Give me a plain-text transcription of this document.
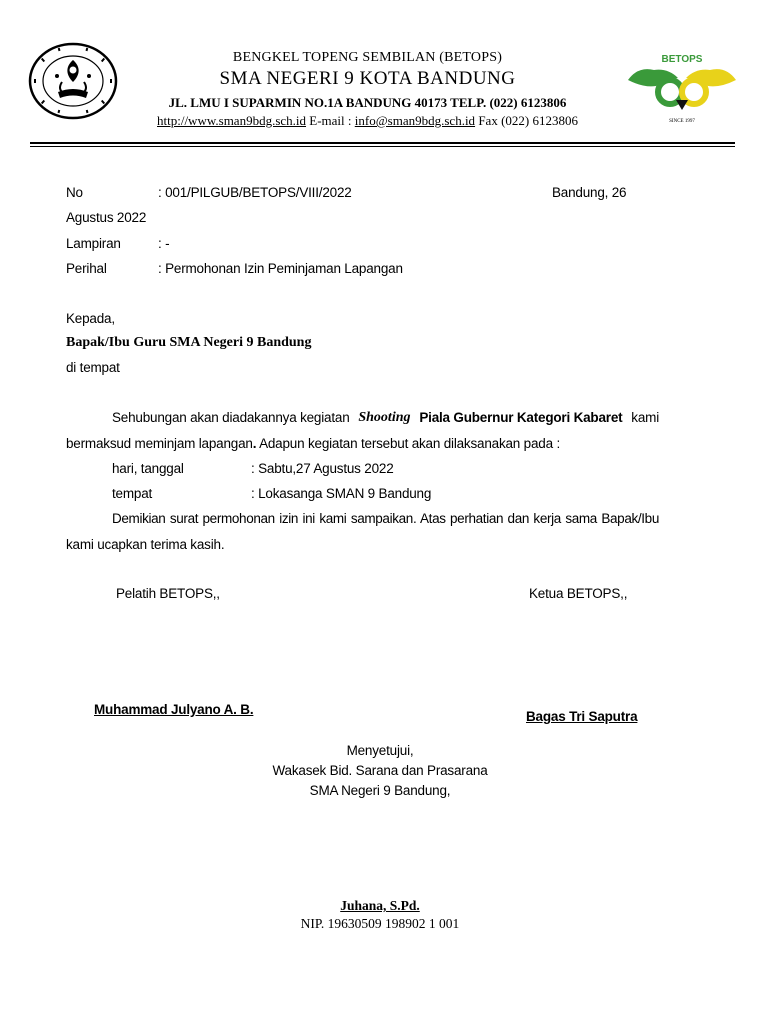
BETOPS
SINCE 1997
BENGKEL TOPENG SEMBILAN (BETOPS)
SMA NEGERI 9 KOTA BANDUNG
JL. LMU I SUPARMIN NO.1A BANDUNG 40173 TELP. (022) 6123806
http://www.sman9bdg.sch.id E-mail : info@sman9bdg.sch.id Fax (022) 6123806
No	: 001/PILGUB/BETOPS/VIII/2022	Bandung, 26
Agustus 2022
Lampiran	: -
Perihal	: Permohonan Izin Peminjaman Lapangan
Kepada,
Bapak/Ibu Guru SMA Negeri 9 Bandung
di tempat
Sehubungan akan diadakannya kegiatan Shooting Piala Gubernur Kategori Kabaret kami
bermaksud meminjam lapangan. Adapun kegiatan tersebut akan dilaksanakan pada :
hari, tanggal	: Sabtu,27 Agustus 2022
tempat	: Lokasanga SMAN 9 Bandung
Demikian surat permohonan izin ini kami sampaikan. Atas perhatian dan kerja sama Bapak/Ibu
kami ucapkan terima kasih.
Pelatih BETOPS,,	Ketua BETOPS,,
Muhammad Julyano A. B.	Bagas Tri Saputra
Menyetujui,
Wakasek Bid. Sarana dan Prasarana
SMA Negeri 9 Bandung,
Juhana, S.Pd.
NIP. 19630509 198902 1 001
